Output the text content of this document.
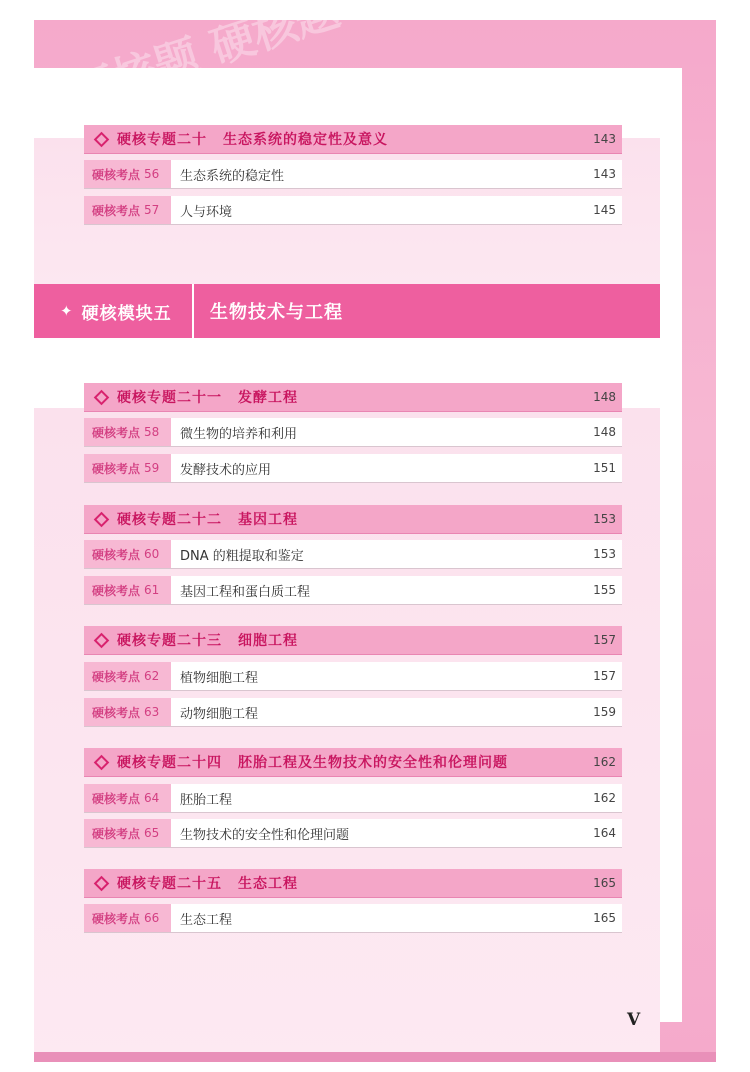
✦ 硬核模块五	生物技术与工程
硬核专题二十 生态系统的稳定性及意义	143
硬核考点 56	生态系统的稳定性	143
硬核考点 57	人与环境	145
硬核专题二十一 发酵工程	148
硬核考点 58	微生物的培养和利用	148
硬核考点 59	发酵技术的应用	151
硬核专题二十二 基因工程	153
硬核考点 60	DNA 的粗提取和鉴定	153
硬核考点 61	基因工程和蛋白质工程	155
硬核专题二十三 细胞工程	157
硬核考点 62	植物细胞工程	157
硬核考点 63	动物细胞工程	159
硬核专题二十四 胚胎工程及生物技术的安全性和伦理问题	162
硬核考点 64	胚胎工程	162
硬核考点 65	生物技术的安全性和伦理问题	164
硬核专题二十五 生态工程	165
硬核考点 66	生态工程	165
V
